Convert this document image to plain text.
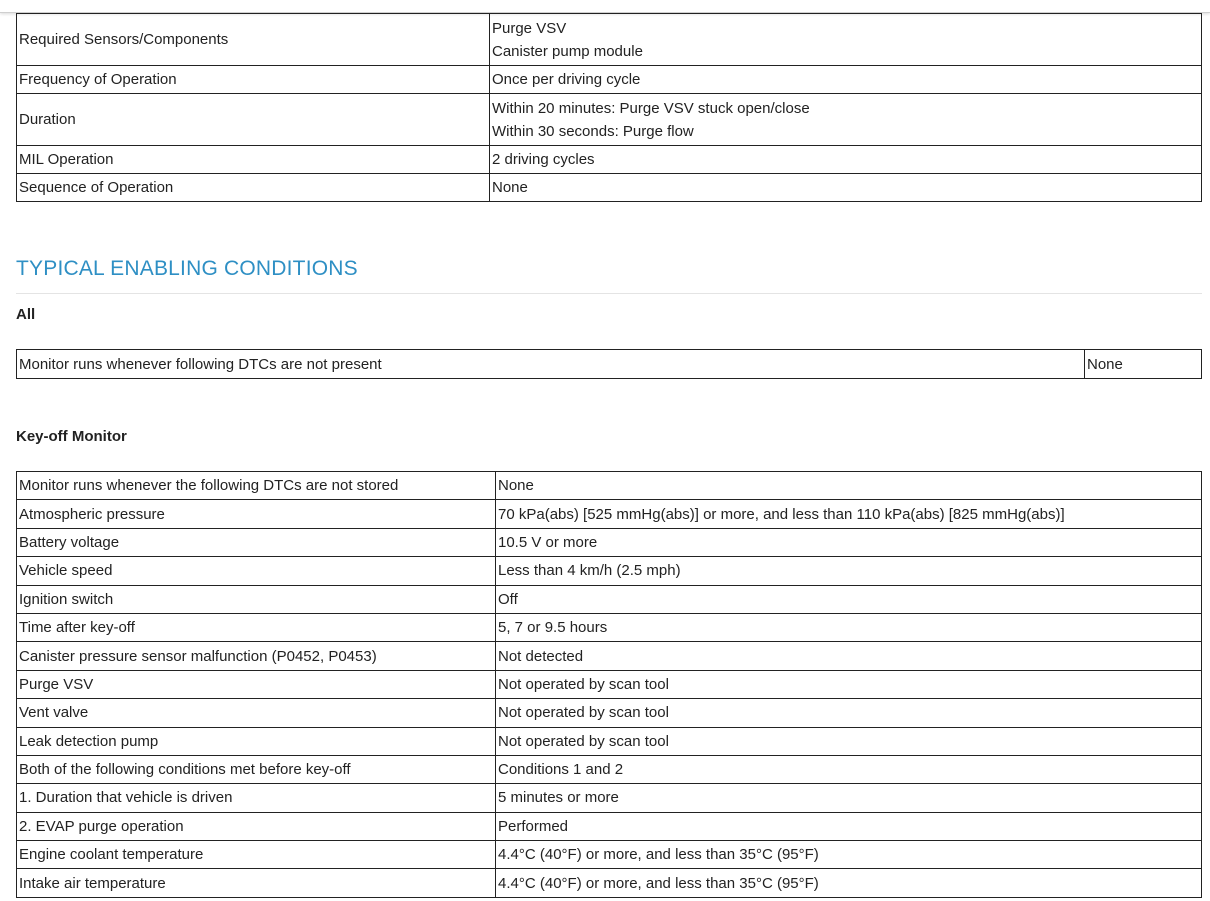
Required Sensors/Components	Purge VSV
Canister pump module

Frequency of Operation	Once per driving cycle

Duration	Within 20 minutes: Purge VSV stuck open/close
Within 30 seconds: Purge flow

MIL Operation	2 driving cycles

Sequence of Operation	None
TYPICAL ENABLING CONDITIONS
All
Monitor runs whenever following DTCs are not present	None
Key-off Monitor
Monitor runs whenever the following DTCs are not stored	None
Atmospheric pressure	70 kPa(abs) [525 mmHg(abs)] or more, and less than 110 kPa(abs) [825 mmHg(abs)]
Battery voltage	10.5 V or more
Vehicle speed	Less than 4 km/h (2.5 mph)
Ignition switch	Off
Time after key-off	5, 7 or 9.5 hours
Canister pressure sensor malfunction (P0452, P0453)	Not detected
Purge VSV	Not operated by scan tool
Vent valve	Not operated by scan tool
Leak detection pump	Not operated by scan tool
Both of the following conditions met before key-off	Conditions 1 and 2
1. Duration that vehicle is driven	5 minutes or more
2. EVAP purge operation	Performed
Engine coolant temperature	4.4°C (40°F) or more, and less than 35°C (95°F)
Intake air temperature	4.4°C (40°F) or more, and less than 35°C (95°F)
